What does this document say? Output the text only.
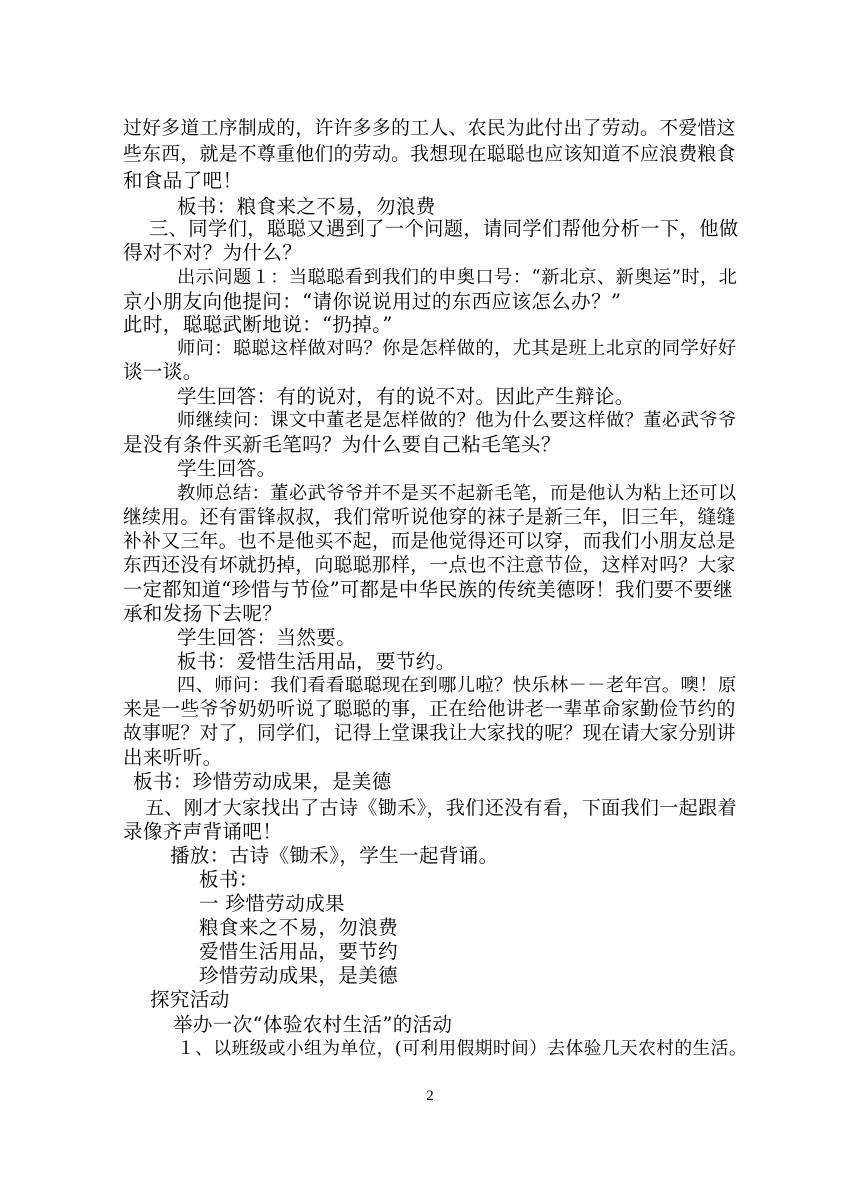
过好多道工序制成的，许许多多的工人、农民为此付出了劳动。不爱惜这
些东西，就是不尊重他们的劳动。我想现在聪聪也应该知道不应浪费粮食
和食品了吧！
板书：粮食来之不易，勿浪费
三、同学们，聪聪又遇到了一个问题，请同学们帮他分析一下，他做
得对不对？为什么？
出示问题１：当聪聪看到我们的申奥口号：“新北京、新奥运”时，北
京小朋友向他提问：“请你说说用过的东西应该怎么办？”
此时，聪聪武断地说：“扔掉。”
师问：聪聪这样做对吗？你是怎样做的，尤其是班上北京的同学好好
谈一谈。
学生回答：有的说对，有的说不对。因此产生辩论。
师继续问：课文中董老是怎样做的？他为什么要这样做？董必武爷爷
是没有条件买新毛笔吗？为什么要自己粘毛笔头？
学生回答。
教师总结：董必武爷爷并不是买不起新毛笔，而是他认为粘上还可以
继续用。还有雷锋叔叔，我们常听说他穿的袜子是新三年，旧三年，缝缝
补补又三年。也不是他买不起，而是他觉得还可以穿，而我们小朋友总是
东西还没有坏就扔掉，向聪聪那样，一点也不注意节俭，这样对吗？大家
一定都知道“珍惜与节俭”可都是中华民族的传统美德呀！我们要不要继
承和发扬下去呢？
学生回答：当然要。
板书：爱惜生活用品，要节约。
四、师问：我们看看聪聪现在到哪儿啦？快乐林－－老年宫。噢！原
来是一些爷爷奶奶听说了聪聪的事，正在给他讲老一辈革命家勤俭节约的
故事呢？对了，同学们，记得上堂课我让大家找的呢？现在请大家分别讲
出来听听。
板书：珍惜劳动成果，是美德
五、刚才大家找出了古诗《锄禾》，我们还没有看，下面我们一起跟着
录像齐声背诵吧！
播放：古诗《锄禾》，学生一起背诵。
板书：
一 珍惜劳动成果
粮食来之不易，勿浪费
爱惜生活用品，要节约
珍惜劳动成果，是美德
探究活动
举办一次“体验农村生活”的活动
１、以班级或小组为单位，(可利用假期时间）去体验几天农村的生活。
2
